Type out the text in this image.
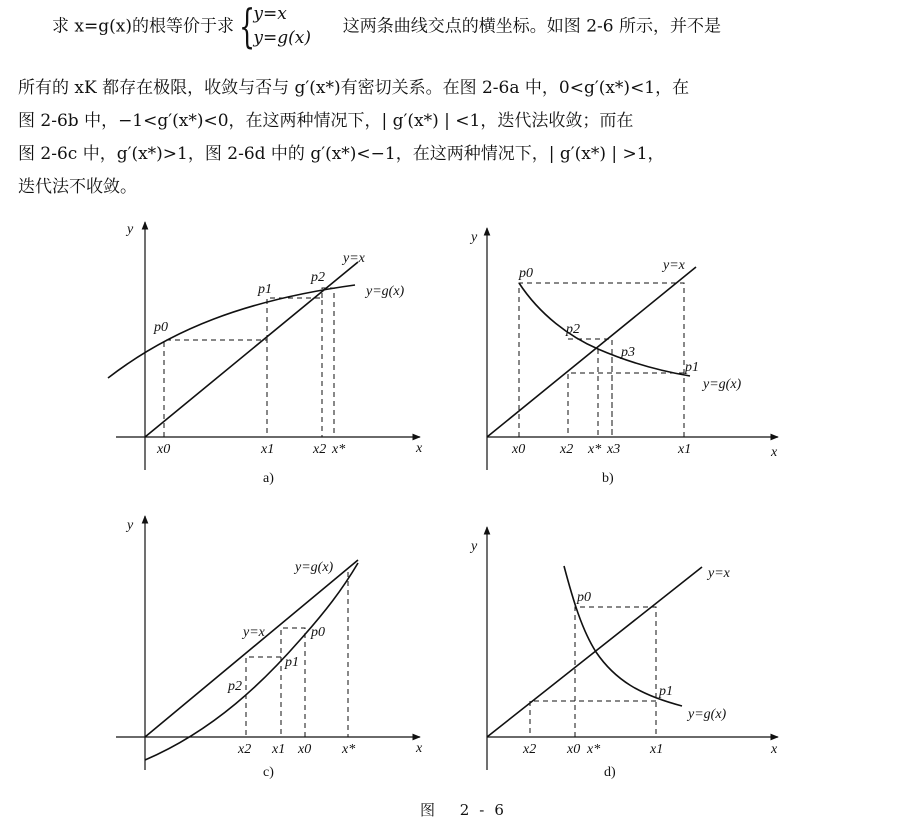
求 x=g(x)的根等价于求 {
y=x
y=g(x)
这两条曲线交点的横坐标。如图 2-6 所示，并不是
所有的 xK 都存在极限，收敛与否与 g′(x*)有密切关系。在图 2-6a 中，0<g′(x*)<1，在
图 2-6b 中，−1<g′(x*)<0，在这两种情况下，| g′(x*) | <1，迭代法收敛；而在
图 2-6c 中，g′(x*)>1，图 2-6d 中的 g′(x*)<−1，在这两种情况下，| g′(x*) | >1，
迭代法不收敛。
y
x
y=x
y=g(x)
p0
p1
p2
x0	x1	x2 x*
a)
y
x
y=x
y=g(x)
p0
p1
p2
p3
x0 x2 x* x3	x1
b)
y
x
y=x
y=g(x)
p0
p1
p2
x2 x1 x0 x*
c)
y
x
y=x
y=g(x)
p0
p1
x2 x0 x*	x1
d)
图 2-6
